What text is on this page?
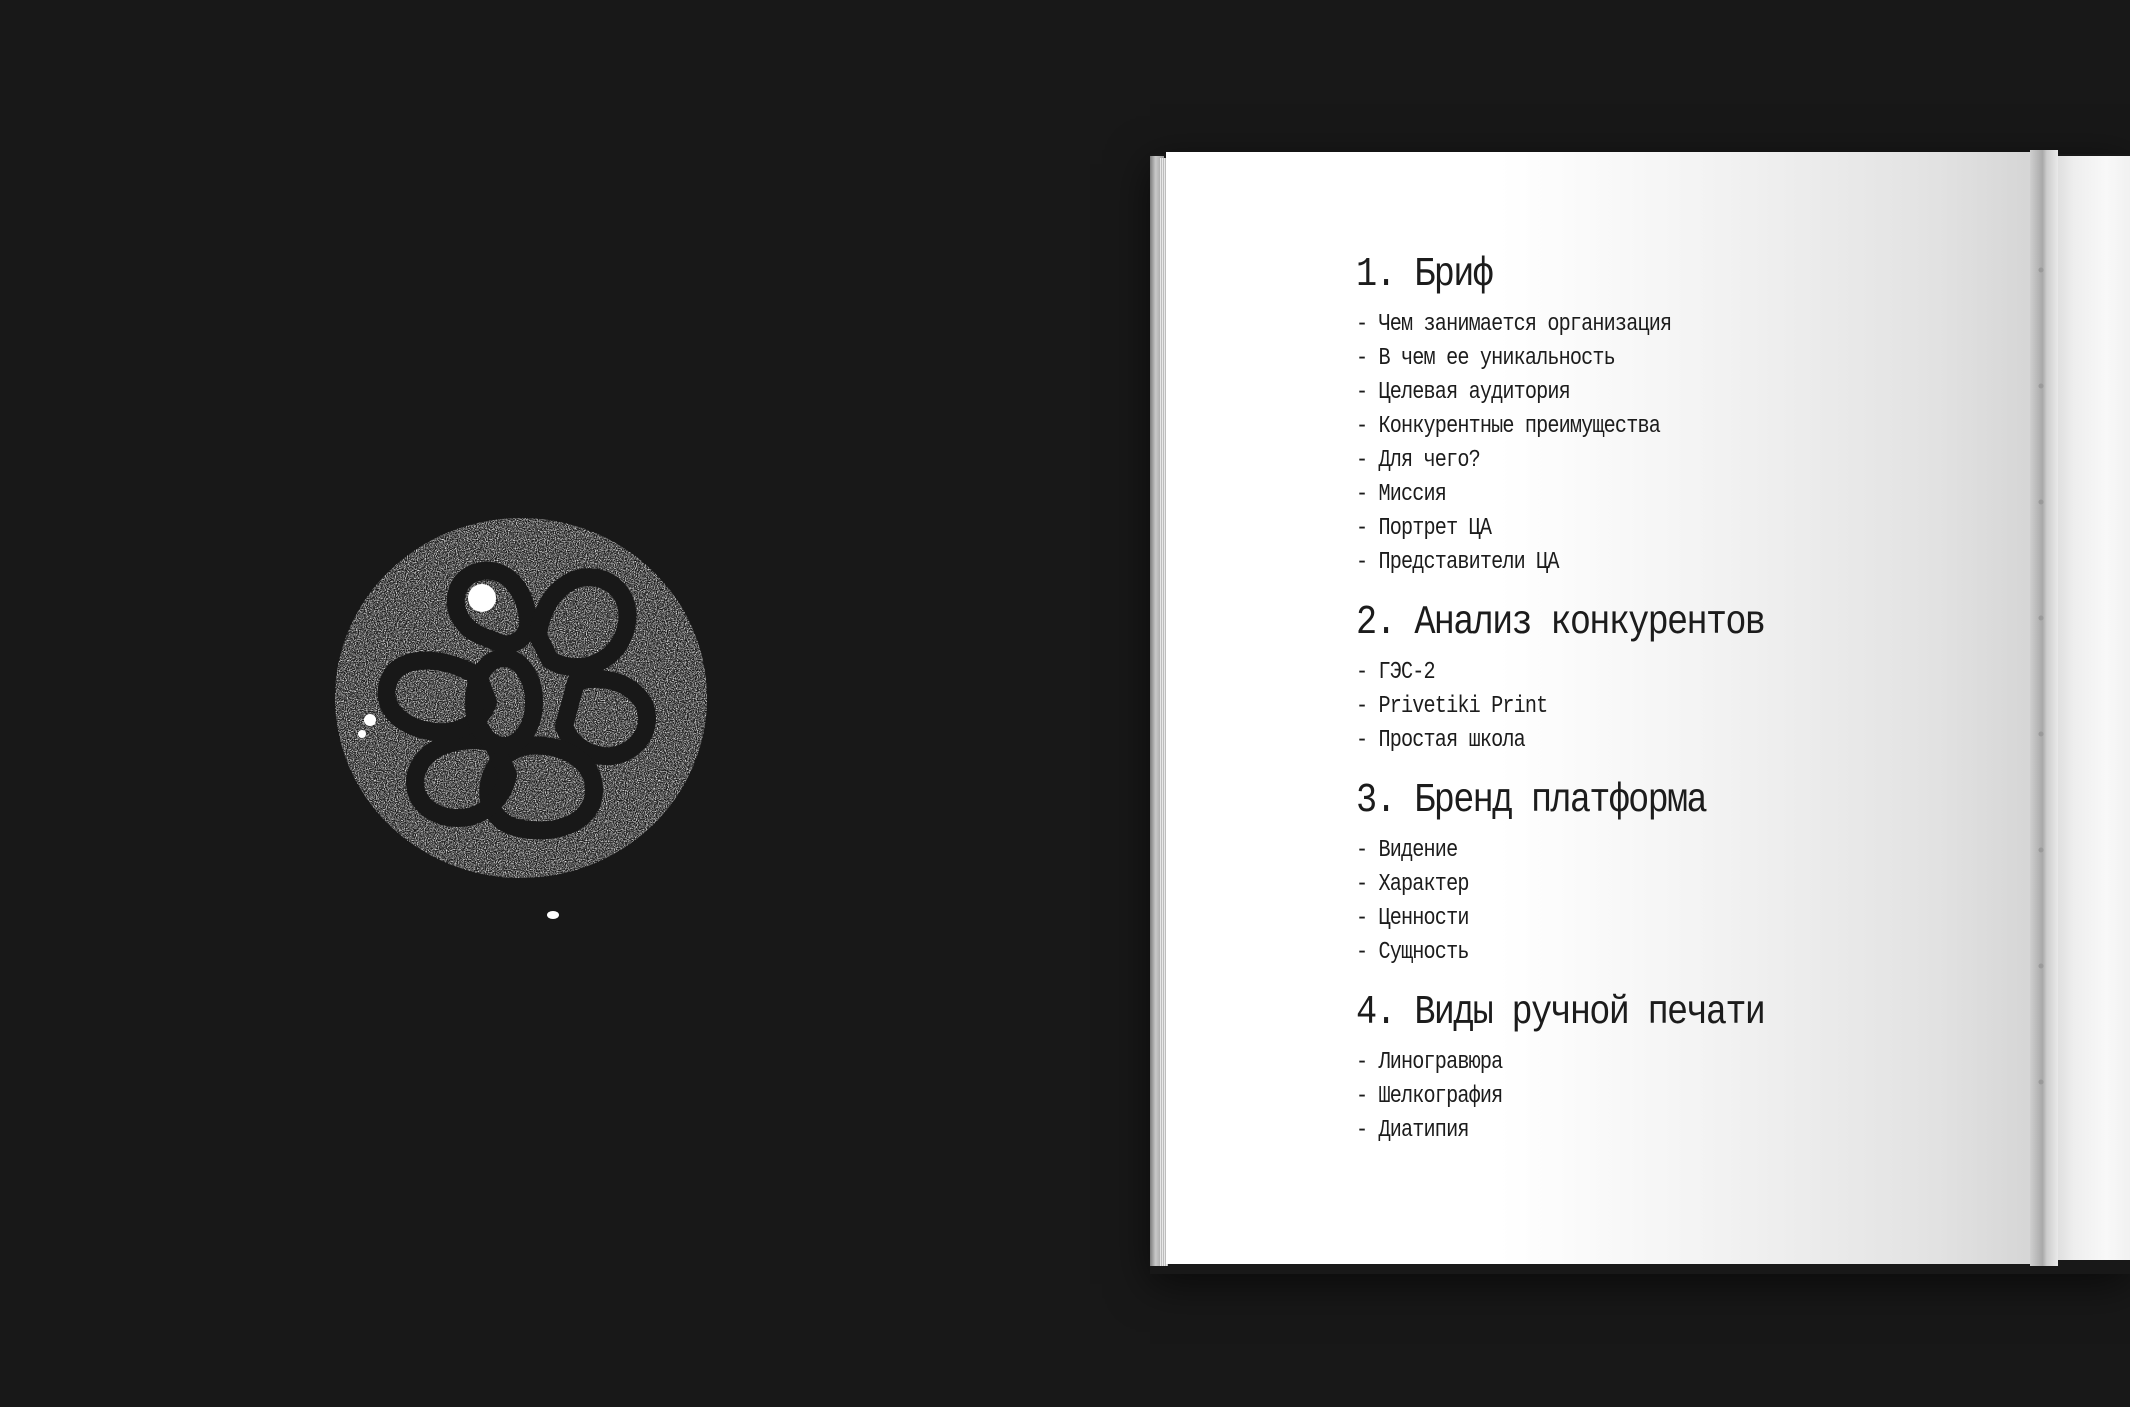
1. Бриф
- Чем занимается организация
- В чем ее уникальность
- Целевая аудитория
- Конкурентные преимущества
- Для чего?
- Миссия
- Портрет ЦА
- Представители ЦА
2. Анализ конкурентов
- ГЭС-2
- Privetiki Print
- Простая школа
3. Бренд платформа
- Видение
- Характер
- Ценности
- Сущность
4. Виды ручной печати
- Линогравюра
- Шелкография
- Диатипия
